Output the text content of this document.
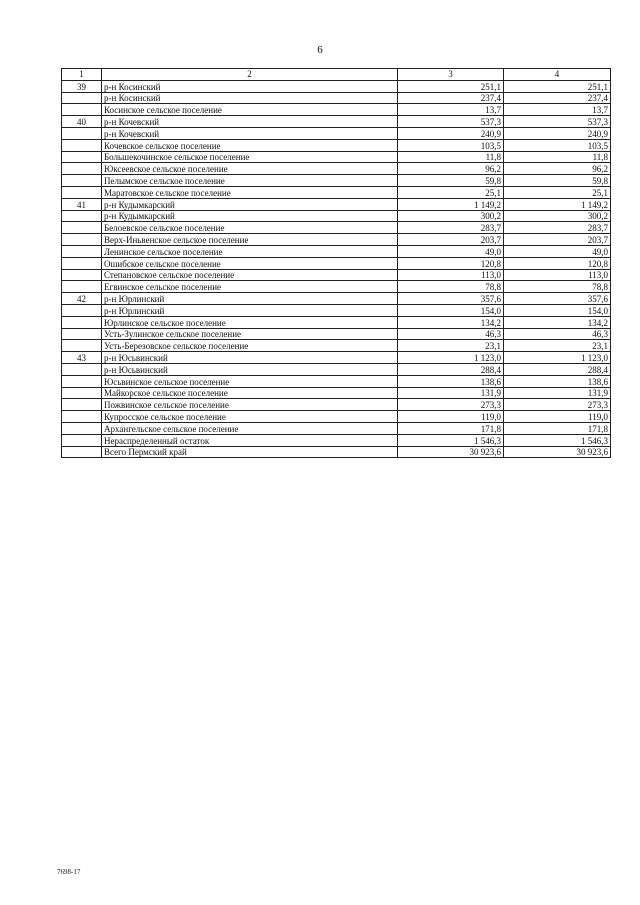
6
1	2	3	4
39	р-н Косинский	251,1	251,1
	р-н Косинский	237,4	237,4
	Косинское сельское поселение	13,7	13,7
40	р-н Кочевский	537,3	537,3
	р-н Кочевский	240,9	240,9
	Кочевское сельское поселение	103,5	103,5
	Большекочинское сельское поселение	11,8	11,8
	Юксеевское сельское поселение	96,2	96,2
	Пелымское сельское поселение	59,8	59,8
	Маратовское сельское поселение	25,1	25,1
41	р-н Кудымкарский	1 149,2	1 149,2
	р-н Кудымкарский	300,2	300,2
	Белоевское сельское поселение	283,7	283,7
	Верх-Иньвенское сельское поселение	203,7	203,7
	Ленинское сельское поселение	49,0	49,0
	Ошибское сельское поселение	120,8	120,8
	Степановское сельское поселение	113,0	113,0
	Егвинское сельское поселение	78,8	78,8
42	р-н Юрлинский	357,6	357,6
	р-н Юрлинский	154,0	154,0
	Юрлинское сельское поселение	134,2	134,2
	Усть-Зулинское сельское поселение	46,3	46,3
	Усть-Березовское сельское поселение	23,1	23,1
43	р-н Юсьвинский	1 123,0	1 123,0
	р-н Юсьвинский	288,4	288,4
	Юсьвинское сельское поселение	138,6	138,6
	Майкорское сельское поселение	131,9	131,9
	Пожвинское сельское поселение	273,3	273,3
	Купросское сельское поселение	119,0	119,0
	Архангельское сельское поселение	171,8	171,8
	Нераспределенный остаток	1 546,3	1 546,3
	Всего Пермский край	30 923,6	30 923,6
7698-17
